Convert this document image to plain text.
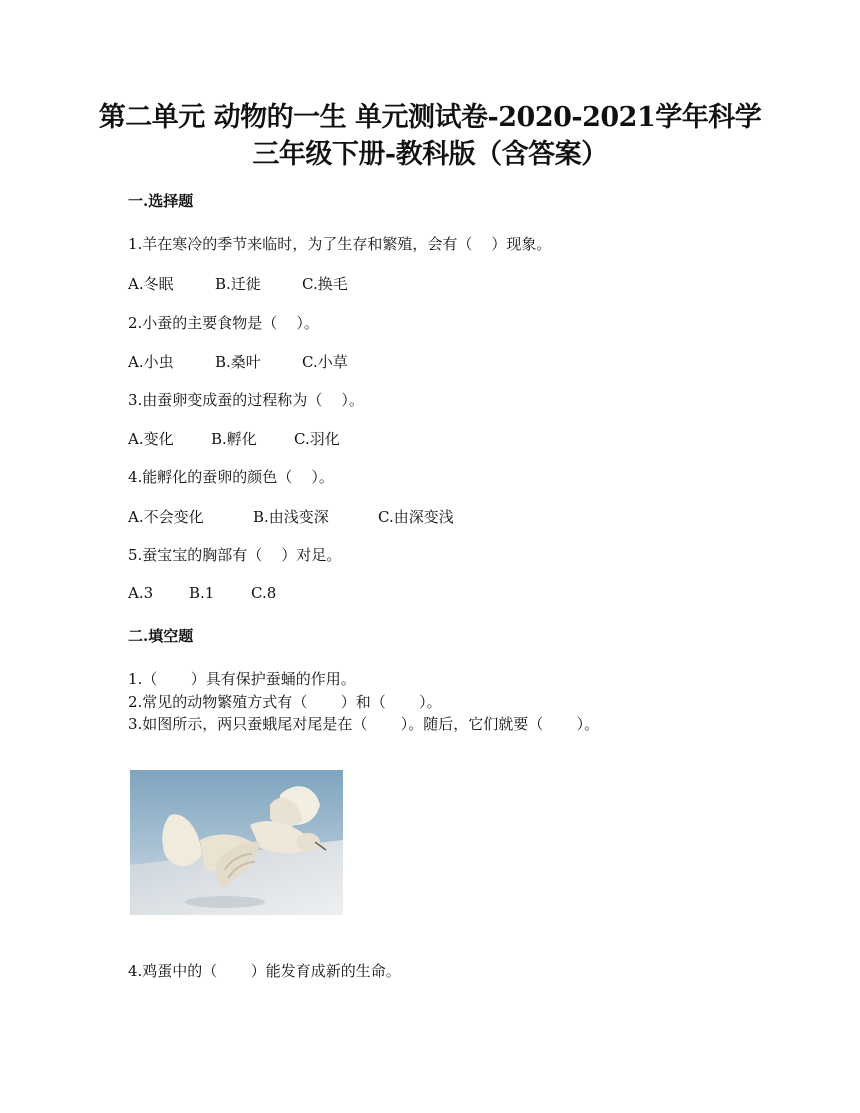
第二单元 动物的一生 单元测试卷-2020-2021学年科学
三年级下册-教科版（含答案）
一.选择题
1.羊在寒冷的季节来临时，为了生存和繁殖，会有（    ）现象。
A.冬眠	B.迁徙	C.换毛
2.小蚕的主要食物是（    ）。
A.小虫	B.桑叶	C.小草
3.由蚕卵变成蚕的过程称为（    ）。
A.变化 B.孵化 C.羽化
4.能孵化的蚕卵的颜色（    ）。
A.不会变化	B.由浅变深	C.由深变浅
5.蚕宝宝的胸部有（    ）对足。
A.3 B.1 C.8
二.填空题
1.（       ）具有保护蚕蛹的作用。
2.常见的动物繁殖方式有（       ）和（       ）。
3.如图所示，两只蚕蛾尾对尾是在（       ）。随后，它们就要（       ）。
4.鸡蛋中的（       ）能发育成新的生命。
